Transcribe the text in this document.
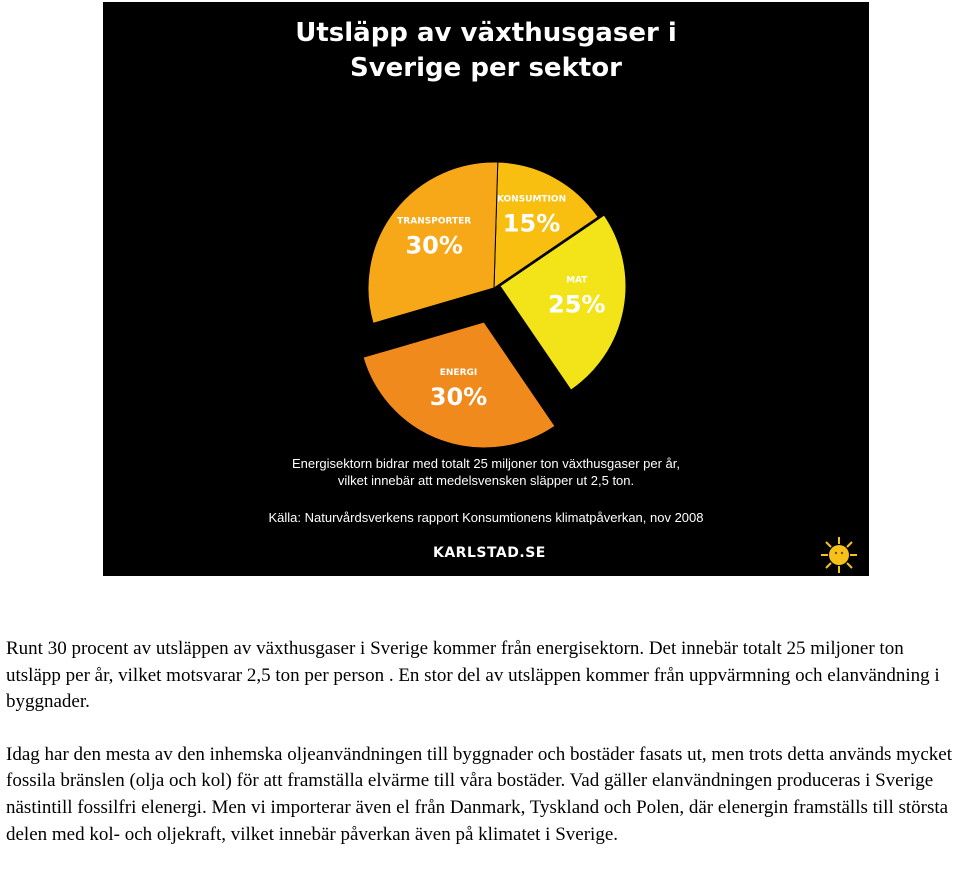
Utsläpp av växthusgaser i
Sverige per sektor
KONSUMTION
15%
MAT
25%
ENERGI
30%
TRANSPORTER
30%
Energisektorn bidrar med totalt 25 miljoner ton växthusgaser per år,
vilket innebär att medelsvensken släpper ut 2,5 ton.
Källa: Naturvårdsverkens rapport Konsumtionens klimatpåverkan, nov 2008
KARLSTAD.SE

Runt 30 procent av utsläppen av växthusgaser i Sverige kommer från energisektorn. Det innebär totalt 25 miljoner ton utsläpp per år, vilket motsvarar 2,5 ton per person . En stor del av utsläppen kommer från uppvärmning och elanvändning i byggnader.

Idag har den mesta av den inhemska oljeanvändningen till byggnader och bostäder fasats ut, men trots detta används mycket fossila bränslen (olja och kol) för att framställa elvärme till våra bostäder. Vad gäller elanvändningen produceras i Sverige nästintill fossilfri elenergi. Men vi importerar även el från Danmark, Tyskland och Polen, där elenergin framställs till största delen med kol- och oljekraft, vilket innebär påverkan även på klimatet i Sverige.
